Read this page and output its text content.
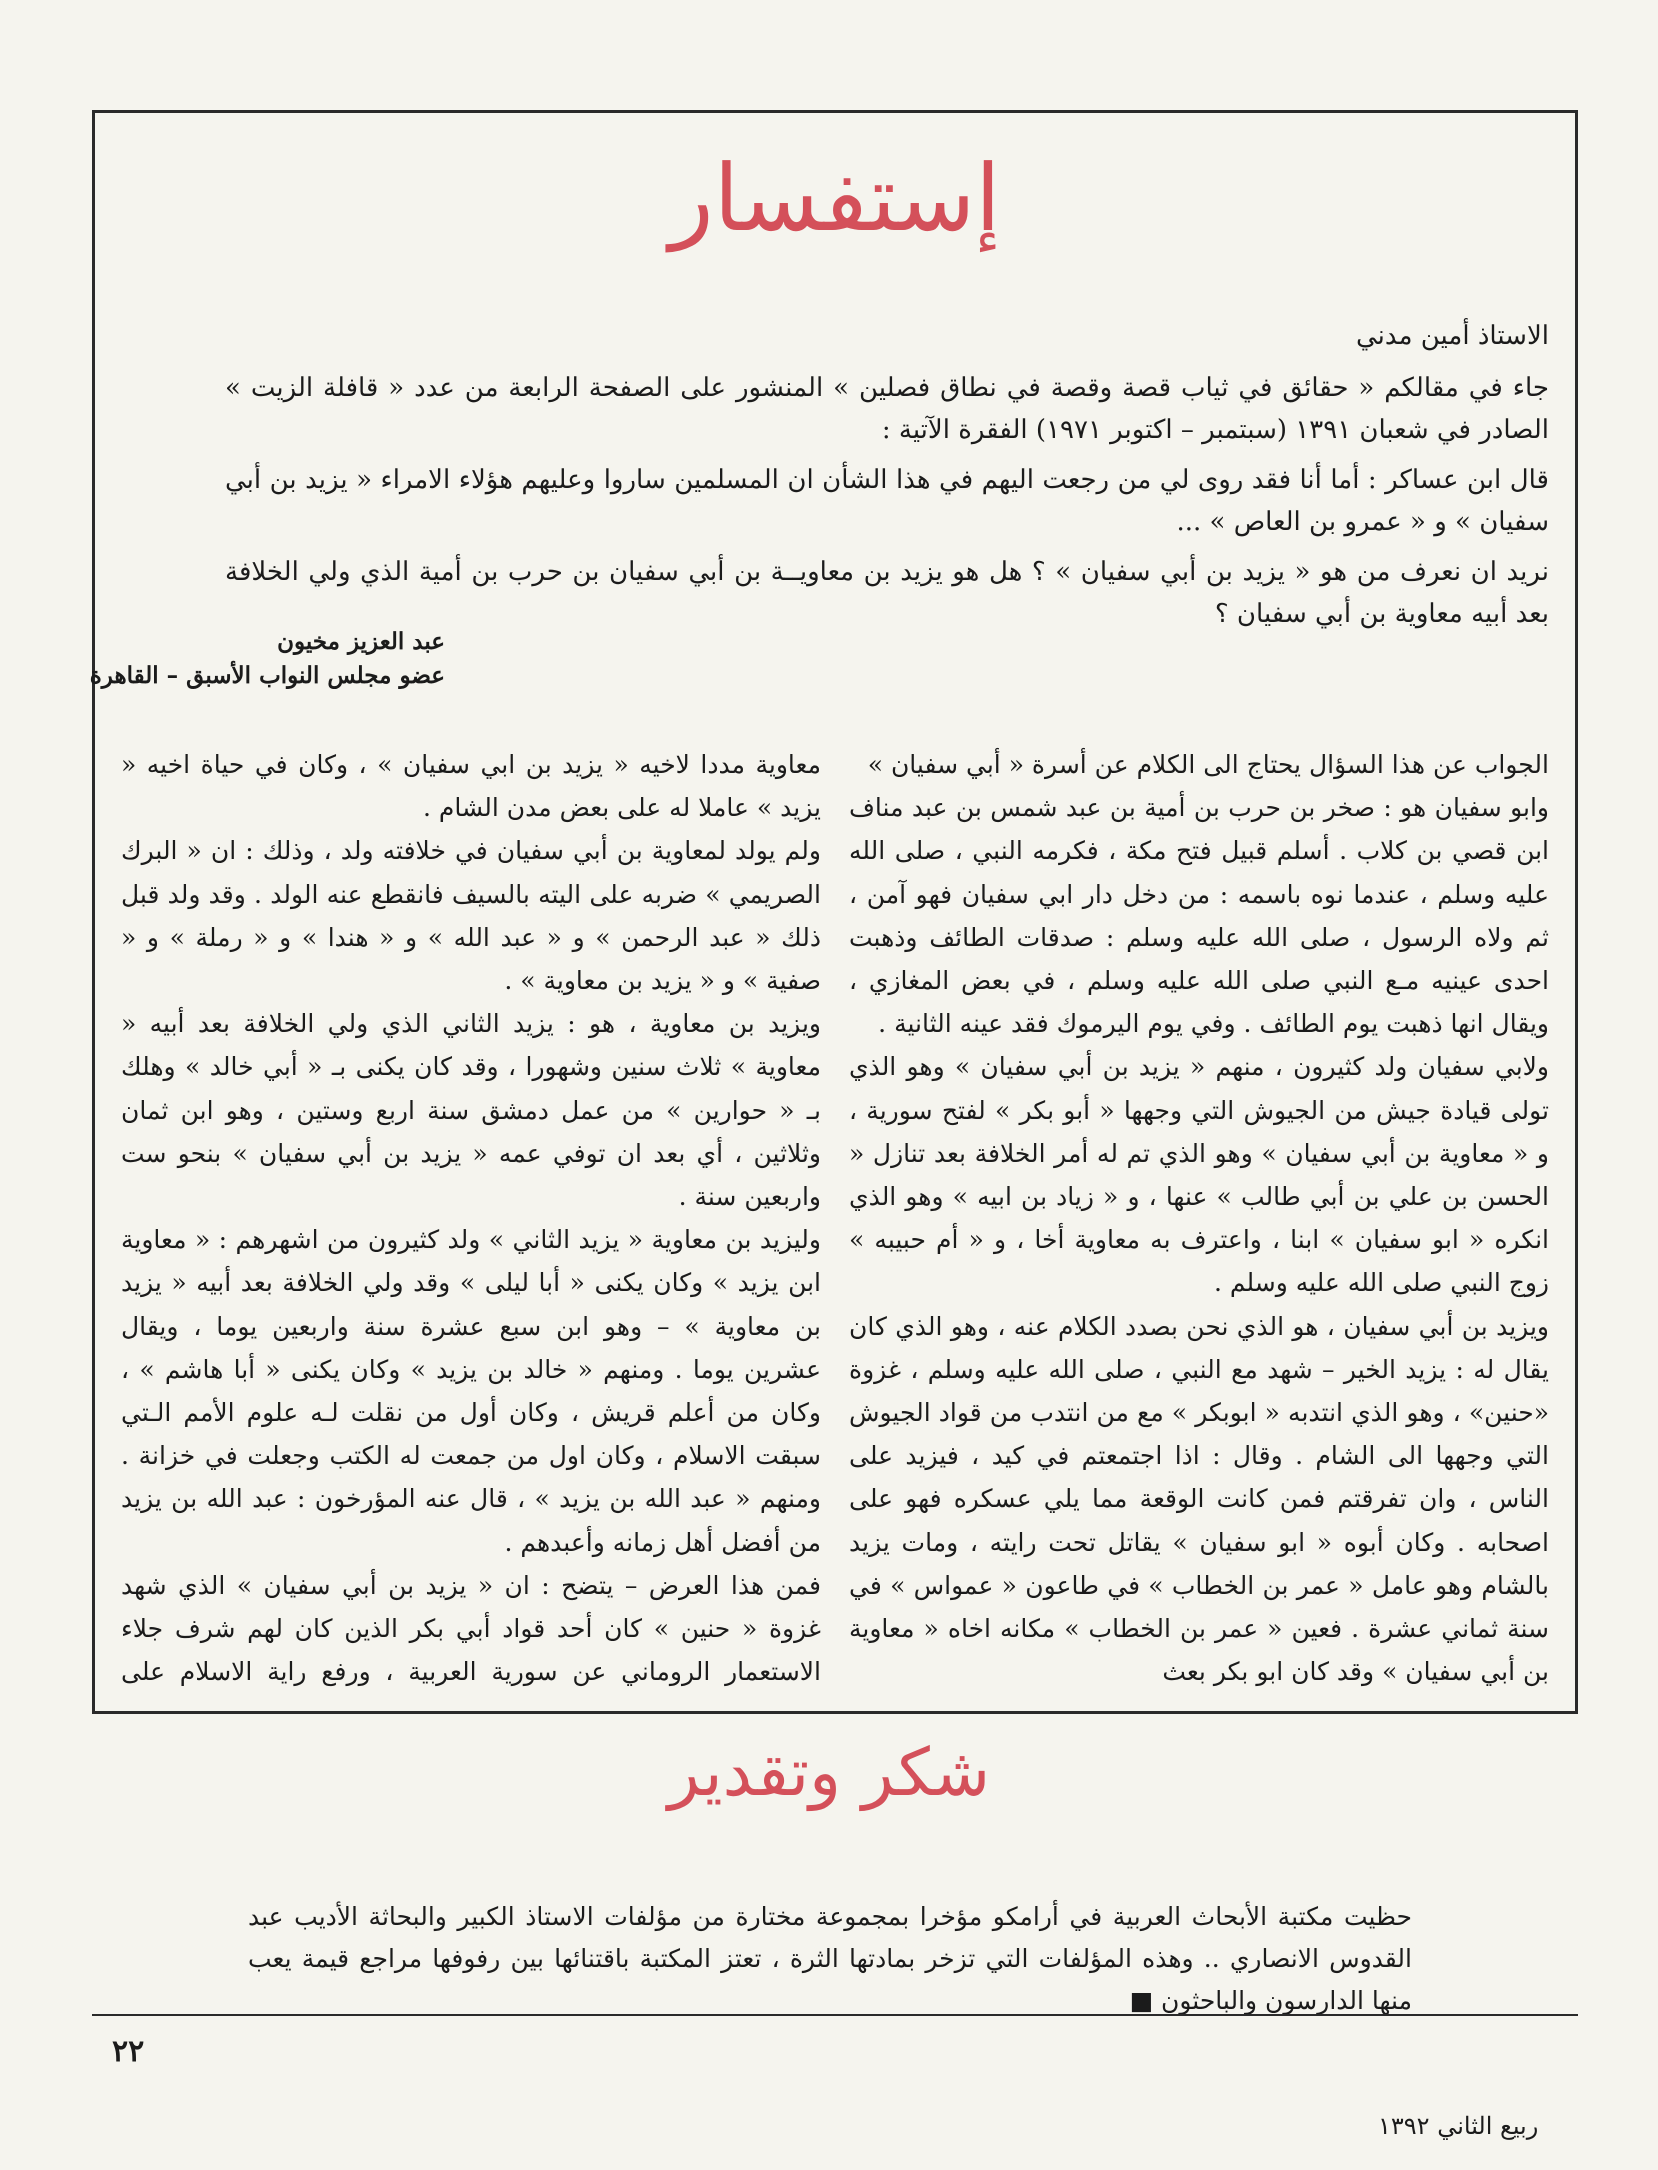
إستفسار

الاستاذ أمين مدني

جاء في مقالكم « حقائق في ثياب قصة وقصة في نطاق فصلين » المنشور على الصفحة الرابعة من عدد « قافلة الزيت » الصادر في شعبان ١٣٩١ (سبتمبر – اكتوبر ١٩٧١) الفقرة الآتية :

قال ابن عساكر : أما أنا فقد روى لي من رجعت اليهم في هذا الشأن ان المسلمين ساروا وعليهم هؤلاء الامراء « يزيد بن أبي سفيان » و « عمرو بن العاص » ...

نريد ان نعرف من هو « يزيد بن أبي سفيان » ؟ هل هو يزيد بن معاويــة بن أبي سفيان بن حرب بن أمية الذي ولي الخلافة بعد أبيه معاوية بن أبي سفيان ؟

عبد العزيز مخيون
عضو مجلس النواب الأسبق – القاهرة

الجواب عن هذا السؤال يحتاج الى الكلام عن أسرة « أبي سفيان »

وابو سفيان هو : صخر بن حرب بن أمية بن عبد شمس بن عبد مناف ابن قصي بن كلاب . أسلم قبيل فتح مكة ، فكرمه النبي ، صلى الله عليه وسلم ، عندما نوه باسمه : من دخل دار ابي سفيان فهو آمن ، ثم ولاه الرسول ، صلى الله عليه وسلم : صدقات الطائف وذهبت احدى عينيه مـع النبي صلى الله عليه وسلم ، في بعض المغازي ، ويقال انها ذهبت يوم الطائف . وفي يوم اليرموك فقد عينه الثانية .

ولابي سفيان ولد كثيرون ، منهم « يزيد بن أبي سفيان » وهو الذي تولى قيادة جيش من الجيوش التي وجهها « أبو بكر » لفتح سورية ، و « معاوية بن أبي سفيان » وهو الذي تم له أمر الخلافة بعد تنازل « الحسن بن علي بن أبي طالب » عنها ، و « زياد بن ابيه » وهو الذي انكره « ابو سفيان » ابنا ، واعترف به معاوية أخا ، و « أم حبيبه » زوج النبي صلى الله عليه وسلم .

ويزيد بن أبي سفيان ، هو الذي نحن بصدد الكلام عنه ، وهو الذي كان يقال له : يزيد الخير – شهد مع النبي ، صلى الله عليه وسلم ، غزوة «حنين» ، وهو الذي انتدبه « ابوبكر » مع من انتدب من قواد الجيوش التي وجهها الى الشام . وقال : اذا اجتمعتم في كيد ، فيزيد على الناس ، وان تفرقتم فمن كانت الوقعة مما يلي عسكره فهو على اصحابه . وكان أبوه « ابو سفيان » يقاتل تحت رايته ، ومات يزيد بالشام وهو عامل « عمر بن الخطاب » في طاعون « عمواس » في سنة ثماني عشرة . فعين « عمر بن الخطاب » مكانه اخاه « معاوية بن أبي سفيان » وقد كان ابو بكر بعث

معاوية مددا لاخيه « يزيد بن ابي سفيان » ، وكان في حياة اخيه « يزيد » عاملا له على بعض مدن الشام .

ولم يولد لمعاوية بن أبي سفيان في خلافته ولد ، وذلك : ان « البرك الصريمي » ضربه على اليته بالسيف فانقطع عنه الولد . وقد ولد قبل ذلك « عبد الرحمن » و « عبد الله » و « هندا » و « رملة » و « صفية » و « يزيد بن معاوية » .

ويزيد بن معاوية ، هو : يزيد الثاني الذي ولي الخلافة بعد أبيه « معاوية » ثلاث سنين وشهورا ، وقد كان يكنى بـ « أبي خالد » وهلك بـ « حوارين » من عمل دمشق سنة اربع وستين ، وهو ابن ثمان وثلاثين ، أي بعد ان توفي عمه « يزيد بن أبي سفيان » بنحو ست واربعين سنة .

وليزيد بن معاوية « يزيد الثاني » ولد كثيرون من اشهرهم : « معاوية ابن يزيد » وكان يكنى « أبا ليلى » وقد ولي الخلافة بعد أبيه « يزيد بن معاوية » – وهو ابن سبع عشرة سنة واربعين يوما ، ويقال عشرين يوما . ومنهم « خالد بن يزيد » وكان يكنى « أبا هاشم » ، وكان من أعلم قريش ، وكان أول من نقلت لـه علوم الأمم الـتي سبقت الاسلام ، وكان اول من جمعت له الكتب وجعلت في خزانة . ومنهم « عبد الله بن يزيد » ، قال عنه المؤرخون : عبد الله بن يزيد من أفضل أهل زمانه وأعبدهم .

فمن هذا العرض – يتضح : ان « يزيد بن أبي سفيان » الذي شهد غزوة « حنين » كان أحد قواد أبي بكر الذين كان لهم شرف جلاء الاستعمار الروماني عن سورية العربية ، ورفع راية الاسلام على

شكر وتقدير
حظيت مكتبة الأبحاث العربية في أرامكو مؤخرا بمجموعة مختارة من مؤلفات الاستاذ الكبير والبحاثة الأديب عبد القدوس الانصاري .. وهذه المؤلفات التي تزخر بمادتها الثرة ، تعتز المكتبة باقتنائها بين رفوفها مراجع قيمة يعب منها الدارسون والباحثون ■
٢٢
ربيع الثاني ١٣٩٢
